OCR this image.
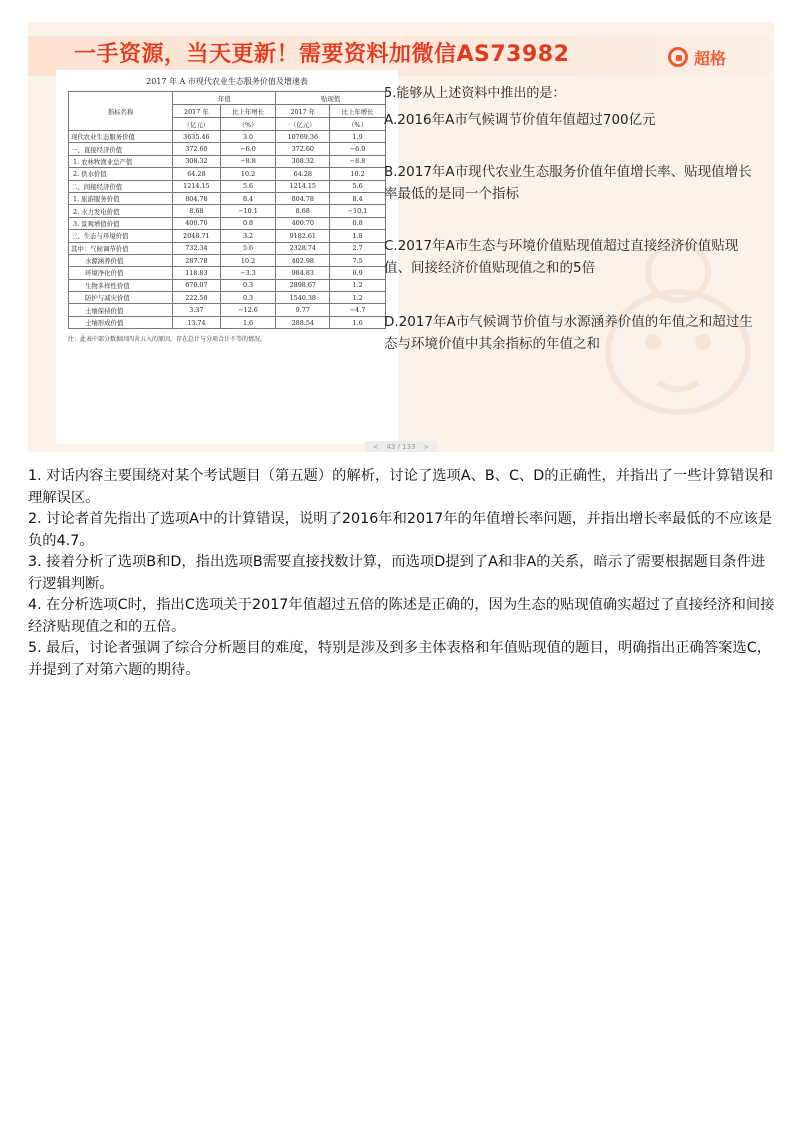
一手资源，当天更新！需要资料加微信AS73982	超格
2017 年 A 市现代农业生态服务价值及增速表
指标名称	年值		贴现值	
	2017 年	比上年增长	2017 年	比上年增长
	（亿元）	（%）	（亿元）	（%）
现代农业生态服务价值	3635.46	3.0	10769.36	1.9
一、直接经济价值	372.60	−6.0	372.60	−6.0
1. 农林牧渔业总产值	308.32	−8.8	308.32	−8.8
2. 供水价值	64.28	10.2	64.28	10.2
二、间接经济价值	1214.15	5.6	1214.15	5.6
1. 旅游服务价值	804.78	8.4	804.78	8.4
2. 水力发电价值	8.68	−10.1	8.68	−10.1
3. 景观增值价值	400.70	0.8	400.70	0.8
三、生态与环境价值	2048.71	3.2	9182.61	1.8
其中：气候调节价值	732.34	5.6	2328.74	2.7
水源涵养价值	287.78	10.2	402.98	7.5
环境净化价值	118.83	−3.3	984.83	0.9
生物多样性价值	670.07	0.3	2898.67	1.2
防护与减灾价值	222.58	0.3	1540.38	1.2
土壤保持价值	3.37	−12.6	9.77	−4.7
土壤形成价值	13.74	1.6	288.54	1.6
注：此表中部分数据因四舍五入的原因，存在总计与分项合计不等的情况。
5.能够从上述资料中推出的是：
A.2016年A市气候调节价值年值超过700亿元
B.2017年A市现代农业生态服务价值年值增长率、贴现值增长率最低的是同一个指标
C.2017年A市生态与环境价值贴现值超过直接经济价值贴现值、间接经济价值贴现值之和的5倍
D.2017年A市气候调节价值与水源涵养价值的年值之和超过生态与环境价值中其余指标的年值之和
< 43 / 133 >

1. 对话内容主要围绕对某个考试题目（第五题）的解析，讨论了选项A、B、C、D的正确性，并指出了一些计算错误和理解误区。

2. 讨论者首先指出了选项A中的计算错误，说明了2016年和2017年的年值增长率问题，并指出增长率最低的不应该是负的4.7。

3. 接着分析了选项B和D，指出选项B需要直接找数计算，而选项D提到了A和非A的关系，暗示了需要根据题目条件进行逻辑判断。

4. 在分析选项C时，指出C选项关于2017年值超过五倍的陈述是正确的，因为生态的贴现值确实超过了直接经济和间接经济贴现值之和的五倍。

5. 最后，讨论者强调了综合分析题目的难度，特别是涉及到多主体表格和年值贴现值的题目，明确指出正确答案选C，并提到了对第六题的期待。
